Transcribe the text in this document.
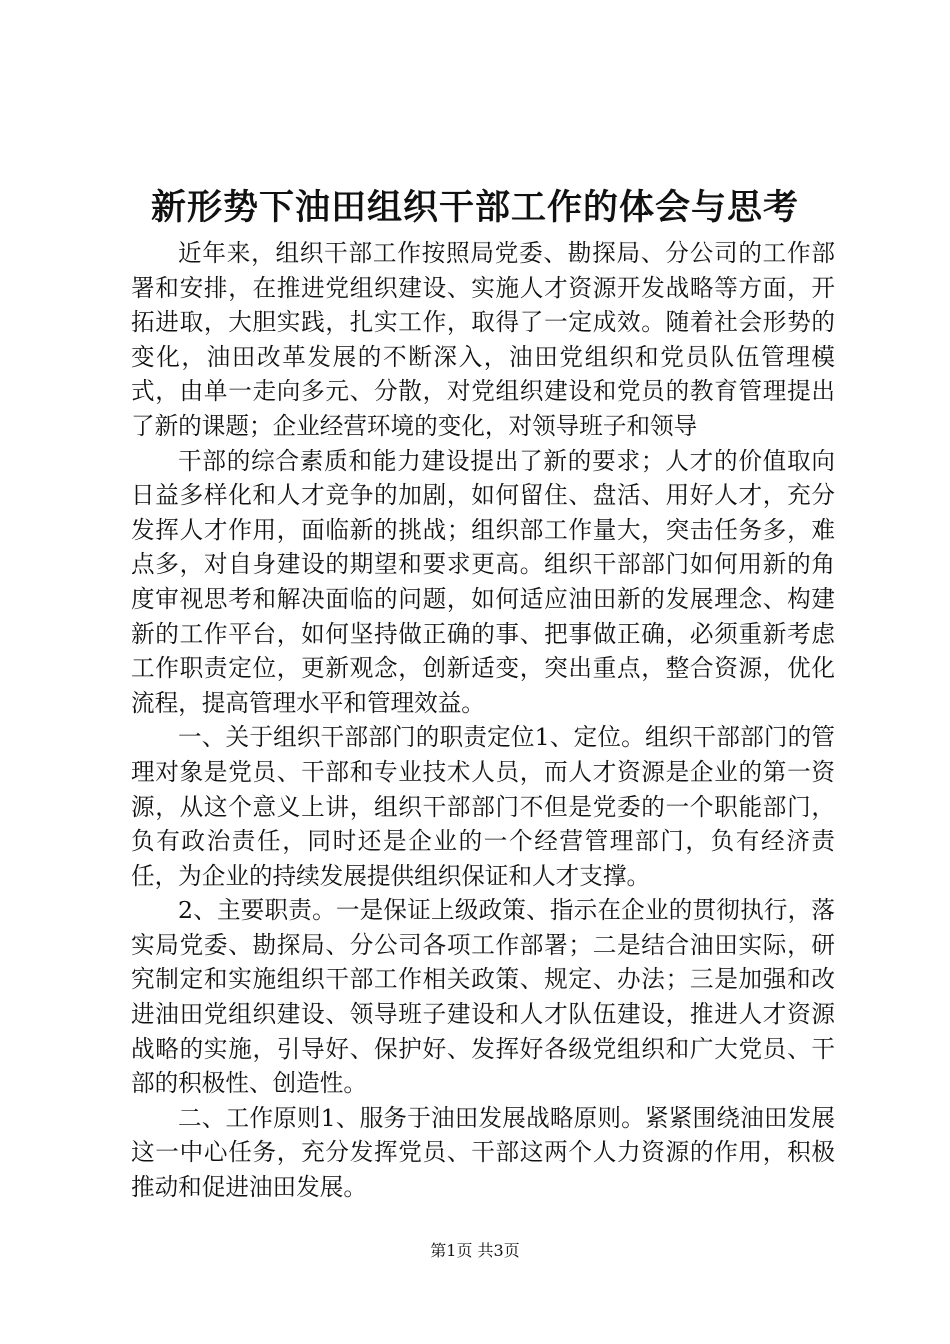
新形势下油田组织干部工作的体会与思考

近年来，组织干部工作按照局党委、勘探局、分公司的工作部署和安排，在推进党组织建设、实施人才资源开发战略等方面，开拓进取，大胆实践，扎实工作，取得了一定成效。随着社会形势的变化，油田改革发展的不断深入，油田党组织和党员队伍管理模式，由单一走向多元、分散，对党组织建设和党员的教育管理提出了新的课题；企业经营环境的变化，对领导班子和领导

干部的综合素质和能力建设提出了新的要求；人才的价值取向日益多样化和人才竞争的加剧，如何留住、盘活、用好人才，充分发挥人才作用，面临新的挑战；组织部工作量大，突击任务多，难点多，对自身建设的期望和要求更高。组织干部部门如何用新的角度审视思考和解决面临的问题，如何适应油田新的发展理念、构建新的工作平台，如何坚持做正确的事、把事做正确，必须重新考虑工作职责定位，更新观念，创新适变，突出重点，整合资源，优化流程，提高管理水平和管理效益。

一、关于组织干部部门的职责定位1、定位。组织干部部门的管理对象是党员、干部和专业技术人员，而人才资源是企业的第一资源，从这个意义上讲，组织干部部门不但是党委的一个职能部门，负有政治责任，同时还是企业的一个经营管理部门，负有经济责任，为企业的持续发展提供组织保证和人才支撑。

2、主要职责。一是保证上级政策、指示在企业的贯彻执行，落实局党委、勘探局、分公司各项工作部署；二是结合油田实际，研究制定和实施组织干部工作相关政策、规定、办法；三是加强和改进油田党组织建设、领导班子建设和人才队伍建设，推进人才资源战略的实施，引导好、保护好、发挥好各级党组织和广大党员、干部的积极性、创造性。

二、工作原则1、服务于油田发展战略原则。紧紧围绕油田发展这一中心任务，充分发挥党员、干部这两个人力资源的作用，积极推动和促进油田发展。

第1页 共3页
